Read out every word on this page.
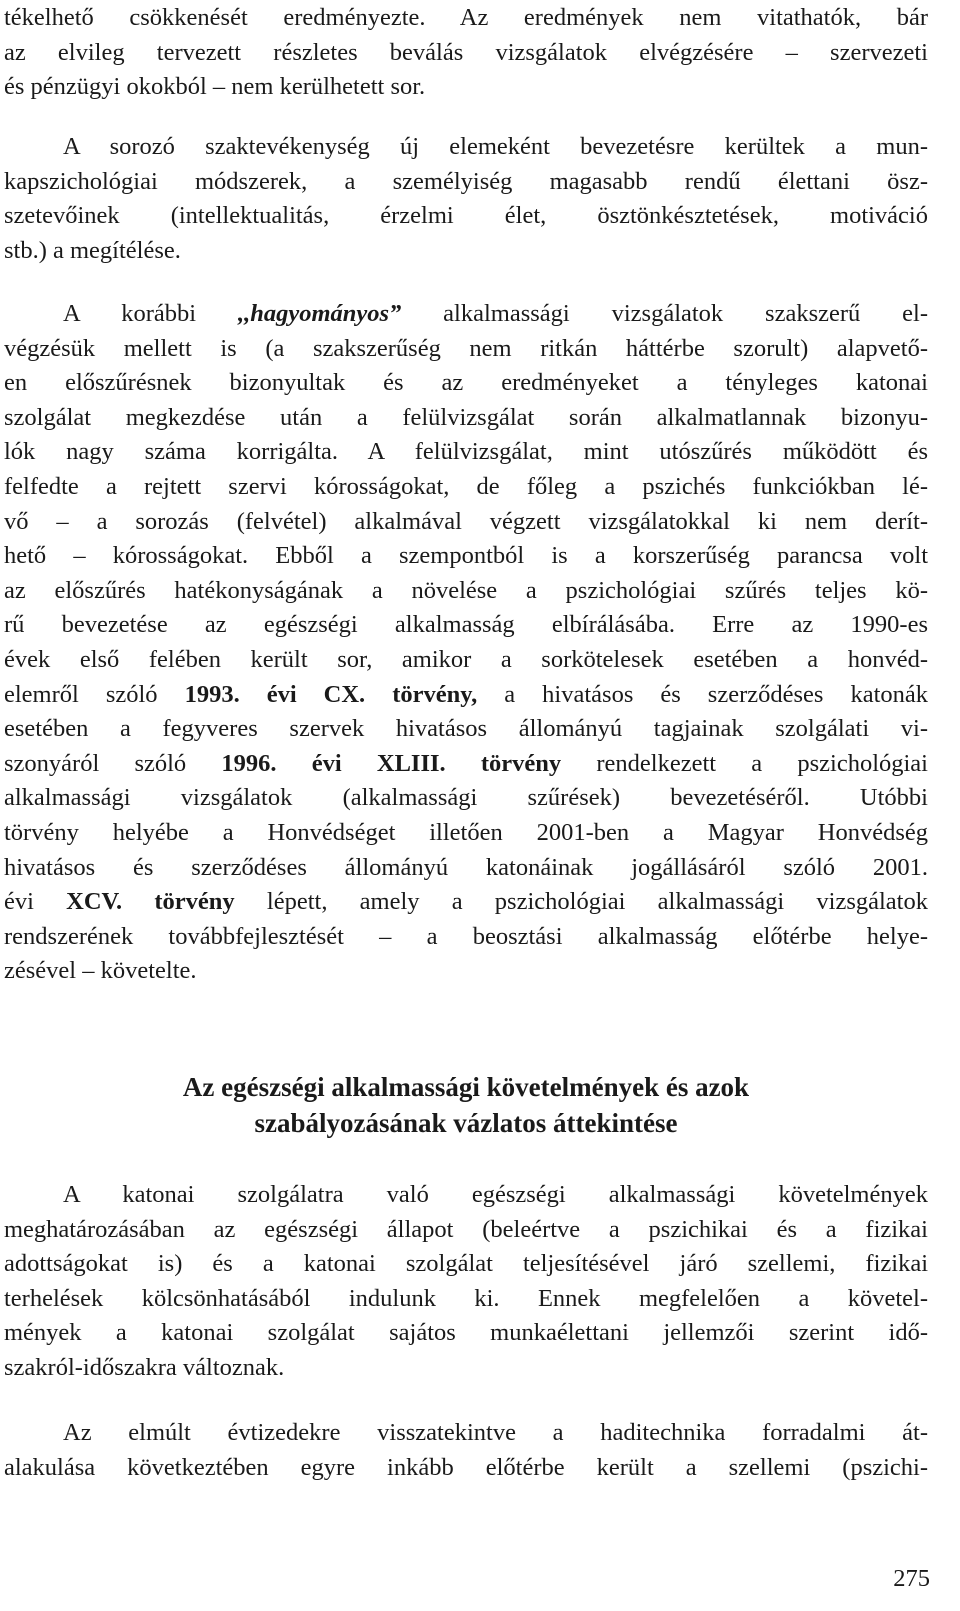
tékelhető csökkenését eredményezte. Az eredmények nem vitathatók, bár
az elvileg tervezett részletes beválás vizsgálatok elvégzésére – szervezeti
és pénzügyi okokból – nem kerülhetett sor.
A sorozó szaktevékenység új elemeként bevezetésre kerültek a mun-
kapszichológiai módszerek, a személyiség magasabb rendű élettani ösz-
szetevőinek (intellektualitás, érzelmi élet, ösztönkésztetések, motiváció
stb.) a megítélése.
A korábbi ,,hagyományos” alkalmassági vizsgálatok szakszerű el-
végzésük mellett is (a szakszerűség nem ritkán háttérbe szorult) alapvető-
en előszűrésnek bizonyultak és az eredményeket a tényleges katonai
szolgálat megkezdése után a felülvizsgálat során alkalmatlannak bizonyu-
lók nagy száma korrigálta. A felülvizsgálat, mint utószűrés működött és
felfedte a rejtett szervi kórosságokat, de főleg a pszichés funkciókban lé-
vő – a sorozás (felvétel) alkalmával végzett vizsgálatokkal ki nem derít-
hető – kórosságokat. Ebből a szempontból is a korszerűség parancsa volt
az előszűrés hatékonyságának a növelése a pszichológiai szűrés teljes kö-
rű bevezetése az egészségi alkalmasság elbírálásába. Erre az 1990-es
évek első felében került sor, amikor a sorkötelesek esetében a honvéd-
elemről szóló 1993. évi CX. törvény, a hivatásos és szerződéses katonák
esetében a fegyveres szervek hivatásos állományú tagjainak szolgálati vi-
szonyáról szóló 1996. évi XLIII. törvény rendelkezett a pszichológiai
alkalmassági vizsgálatok (alkalmassági szűrések) bevezetéséről. Utóbbi
törvény helyébe a Honvédséget illetően 2001-ben a Magyar Honvédség
hivatásos és szerződéses állományú katonáinak jogállásáról szóló 2001.
évi XCV. törvény lépett, amely a pszichológiai alkalmassági vizsgálatok
rendszerének továbbfejlesztését – a beosztási alkalmasság előtérbe helye-
zésével – követelte.
Az egészségi alkalmassági követelmények és azok
szabályozásának vázlatos áttekintése
A katonai szolgálatra való egészségi alkalmassági követelmények
meghatározásában az egészségi állapot (beleértve a pszichikai és a fizikai
adottságokat is) és a katonai szolgálat teljesítésével járó szellemi, fizikai
terhelések kölcsönhatásából indulunk ki. Ennek megfelelően a követel-
mények a katonai szolgálat sajátos munkaélettani jellemzői szerint idő-
szakról-időszakra változnak.
Az elmúlt évtizedekre visszatekintve a haditechnika forradalmi át-
alakulása következtében egyre inkább előtérbe került a szellemi (pszichi-
275
